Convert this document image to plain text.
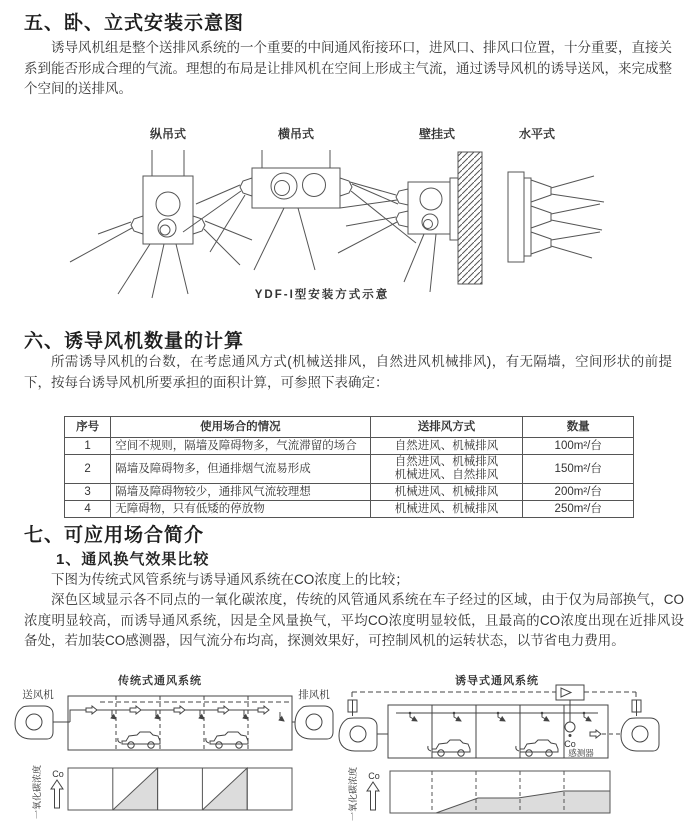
五、卧、立式安装示意图
诱导风机组是整个送排风系统的一个重要的中间通风衔接环口，进风口、排风口位置，十分重要，直接关系到能否形成合理的气流。理想的布局是让排风机在空间上形成主气流，通过诱导风机的诱导送风，来完成整个空间的送排风。
纵吊式	横吊式	壁挂式	水平式
YDF-I型安装方式示意
六、诱导风机数量的计算
所需诱导风机的台数，在考虑通风方式(机械送排风，自然进风机械排风)，有无隔墙，空间形状的前提下，按每台诱导风机所要承担的面积计算，可参照下表确定：
序号	使用场合的情况	送排风方式	数量
1	空间不规则，隔墙及障碍物多，气流滞留的场合	自然进风、机械排风	100m²/台
2	隔墙及障碍物多，但通排烟气流易形成	自然进风、机械排风
机械进风、自然排风	150m²/台
3	隔墙及障碍物较少，通排风气流较理想	机械进风、机械排风	200m²/台
4	无障碍物，只有低矮的停放物	机械进风、机械排风	250m²/台
七、可应用场合简介
1、通风换气效果比较
下图为传统式风管系统与诱导通风系统在CO浓度上的比较；
深色区域显示各不同点的一氧化碳浓度，传统的风管通风系统在车子经过的区域，由于仅为局部换气，CO浓度明显较高，而诱导通风系统，因是全风量换气，平均CO浓度明显较低，且最高的CO浓度出现在近排风设备处，若加装CO感测器，因气流分布均高，探测效果好，可控制风机的运转状态，以节省电力费用。
传统式通风系统
送风机	排风机
Co
一氧化碳浓度
诱导式通风系统
Co
感测器
Co
一氧化碳浓度
